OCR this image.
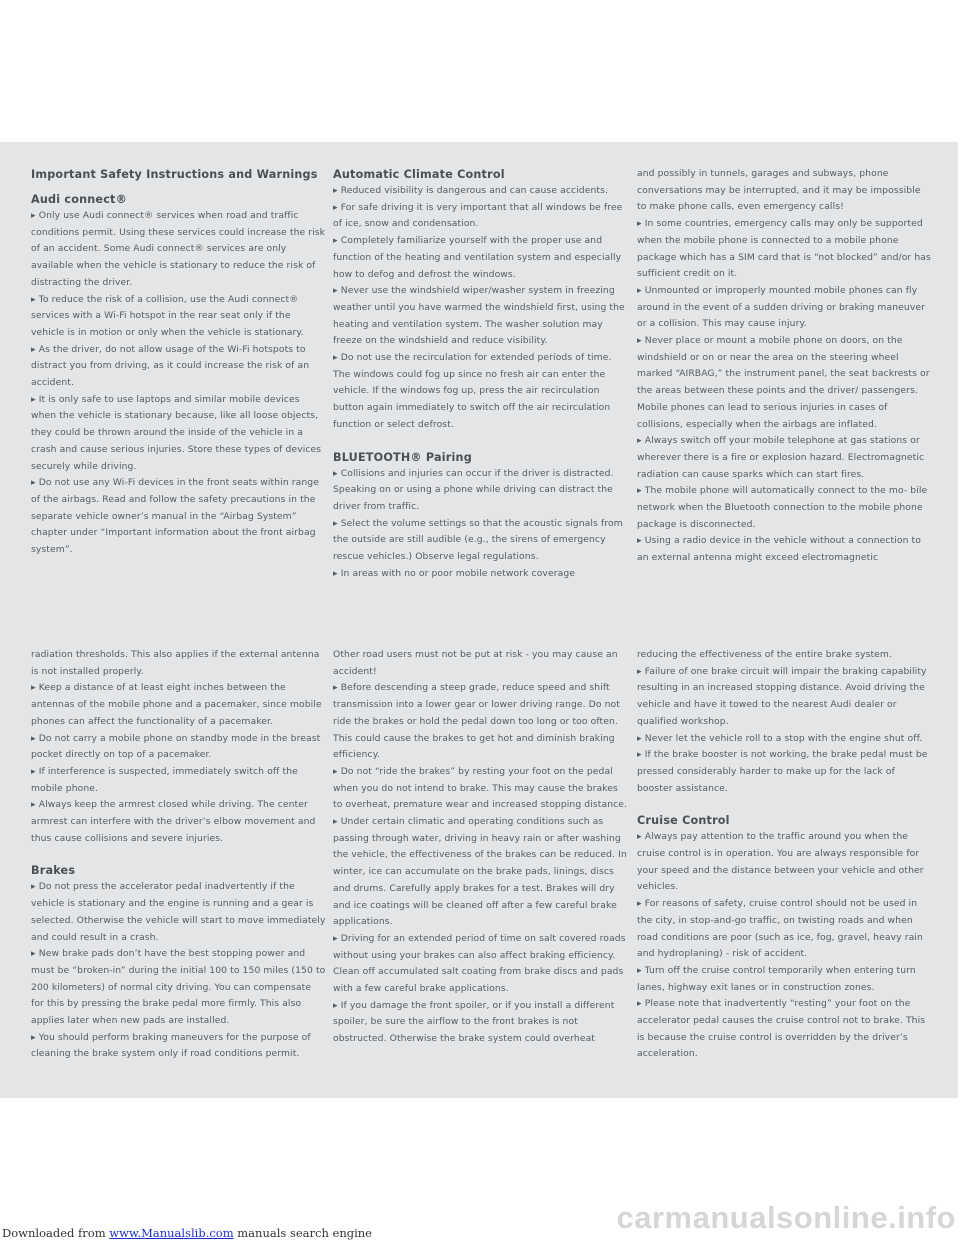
Important Safety Instructions and Warnings
Audi connect®

▸ Only use Audi connect® services when road and traffic conditions permit. Using these services could increase the risk of an accident. Some Audi connect® services are only available when the vehicle is stationary to reduce the risk of distracting the driver.

▸ To reduce the risk of a collision, use the Audi connect® services with a Wi-Fi hotspot in the rear seat only if the vehicle is in motion or only when the vehicle is stationary.

▸ As the driver, do not allow usage of the Wi-Fi hotspots to distract you from driving, as it could increase the risk of an accident.

▸ It is only safe to use laptops and similar mobile devices when the vehicle is stationary because, like all loose objects, they could be thrown around the inside of the vehicle in a crash and cause serious injuries. Store these types of devices securely while driving.

▸ Do not use any Wi-Fi devices in the front seats within range of the airbags. Read and follow the safety precautions in the separate vehicle owner’s manual in the “Airbag System” chapter under “Important information about the front airbag system”.

Automatic Climate Control

▸ Reduced visibility is dangerous and can cause accidents.

▸ For safe driving it is very important that all windows be free of ice, snow and condensation.

▸ Completely familiarize yourself with the proper use and function of the heating and ventilation system and especially how to defog and defrost the windows.

▸ Never use the windshield wiper/washer system in freezing weather until you have warmed the windshield first, using the heating and ventilation system. The washer solution may freeze on the windshield and reduce visibility.

▸ Do not use the recirculation for extended periods of time. The windows could fog up since no fresh air can enter the vehicle. If the windows fog up, press the air recirculation button again immediately to switch off the air recirculation function or select defrost.

BLUETOOTH® Pairing

▸ Collisions and injuries can occur if the driver is distracted. Speaking on or using a phone while driving can distract the driver from traffic.

▸ Select the volume settings so that the acoustic signals from the outside are still audible (e.g., the sirens of emergency rescue vehicles.) Observe legal regulations.

▸ In areas with no or poor mobile network coverage

and possibly in tunnels, garages and subways, phone conversations may be interrupted, and it may be impossible to make phone calls, even emergency calls!

▸ In some countries, emergency calls may only be supported when the mobile phone is connected to a mobile phone package which has a SIM card that is “not blocked” and/or has sufficient credit on it.

▸ Unmounted or improperly mounted mobile phones can fly around in the event of a sudden driving or braking maneuver or a collision. This may cause injury.

▸ Never place or mount a mobile phone on doors, on the windshield or on or near the area on the steering wheel marked “AIRBAG,” the instrument panel, the seat backrests or the areas between these points and the driver/ passengers. Mobile phones can lead to serious injuries in cases of collisions, especially when the airbags are inflated.

▸ Always switch off your mobile telephone at gas stations or wherever there is a fire or explosion hazard. Electromagnetic radiation can cause sparks which can start fires.

▸ The mobile phone will automatically connect to the mo- bile network when the Bluetooth connection to the mobile phone package is disconnected.

▸ Using a radio device in the vehicle without a connection to an external antenna might exceed electromagnetic

radiation thresholds. This also applies if the external antenna is not installed properly.

▸ Keep a distance of at least eight inches between the antennas of the mobile phone and a pacemaker, since mobile phones can affect the functionality of a pacemaker.

▸ Do not carry a mobile phone on standby mode in the breast pocket directly on top of a pacemaker.

▸ If interference is suspected, immediately switch off the mobile phone.

▸ Always keep the armrest closed while driving. The center armrest can interfere with the driver’s elbow movement and thus cause collisions and severe injuries.

Brakes

▸ Do not press the accelerator pedal inadvertently if the vehicle is stationary and the engine is running and a gear is selected. Otherwise the vehicle will start to move immediately and could result in a crash.

▸ New brake pads don’t have the best stopping power and must be “broken-in” during the initial 100 to 150 miles (150 to 200 kilometers) of normal city driving. You can compensate for this by pressing the brake pedal more firmly. This also applies later when new pads are installed.

▸ You should perform braking maneuvers for the purpose of cleaning the brake system only if road conditions permit.

Other road users must not be put at risk - you may cause an accident!

▸ Before descending a steep grade, reduce speed and shift transmission into a lower gear or lower driving range. Do not ride the brakes or hold the pedal down too long or too often. This could cause the brakes to get hot and diminish braking efficiency.

▸ Do not “ride the brakes” by resting your foot on the pedal when you do not intend to brake. This may cause the brakes to overheat, premature wear and increased stopping distance.

▸ Under certain climatic and operating conditions such as passing through water, driving in heavy rain or after washing the vehicle, the effectiveness of the brakes can be reduced. In winter, ice can accumulate on the brake pads, linings, discs and drums. Carefully apply brakes for a test. Brakes will dry and ice coatings will be cleaned off after a few careful brake applications.

▸ Driving for an extended period of time on salt covered roads without using your brakes can also affect braking efficiency. Clean off accumulated salt coating from brake discs and pads with a few careful brake applications.

▸ If you damage the front spoiler, or if you install a different spoiler, be sure the airflow to the front brakes is not obstructed. Otherwise the brake system could overheat

reducing the effectiveness of the entire brake system.

▸ Failure of one brake circuit will impair the braking capability resulting in an increased stopping distance. Avoid driving the vehicle and have it towed to the nearest Audi dealer or qualified workshop.

▸ Never let the vehicle roll to a stop with the engine shut off.

▸ If the brake booster is not working, the brake pedal must be pressed considerably harder to make up for the lack of booster assistance.

Cruise Control

▸ Always pay attention to the traffic around you when the cruise control is in operation. You are always responsible for your speed and the distance between your vehicle and other vehicles.

▸ For reasons of safety, cruise control should not be used in the city, in stop-and-go traffic, on twisting roads and when road conditions are poor (such as ice, fog, gravel, heavy rain and hydroplaning) - risk of accident.

▸ Turn off the cruise control temporarily when entering turn lanes, highway exit lanes or in construction zones.

▸ Please note that inadvertently “resting” your foot on the accelerator pedal causes the cruise control not to brake. This is because the cruise control is overridden by the driver’s acceleration.

Downloaded from www.Manualslib.com manuals search engine	carmanualsonline.info
